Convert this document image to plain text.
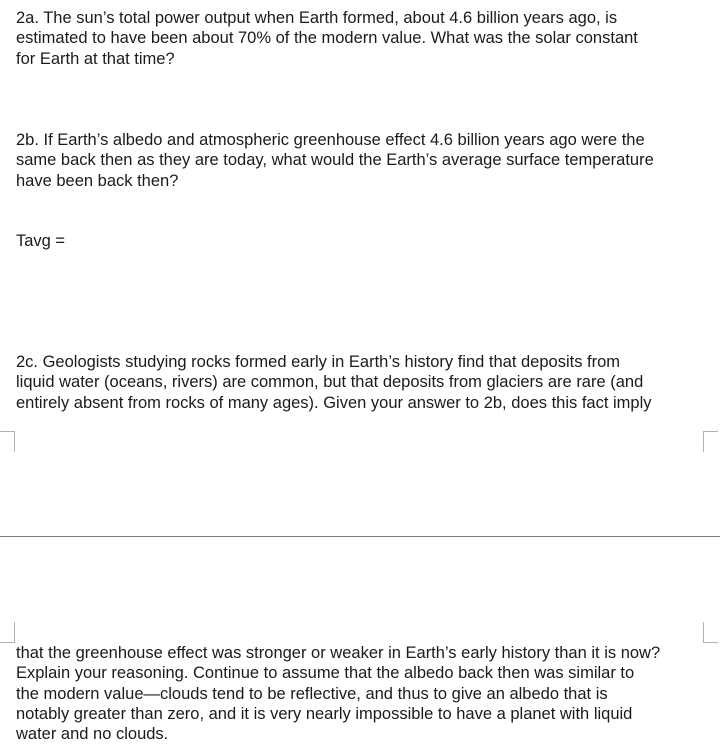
2a. The sun’s total power output when Earth formed, about 4.6 billion years ago, is
estimated to have been about 70% of the modern value. What was the solar constant
for Earth at that time?
2b. If Earth’s albedo and atmospheric greenhouse effect 4.6 billion years ago were the
same back then as they are today, what would the Earth’s average surface temperature
have been back then?
Tavg =
2c. Geologists studying rocks formed early in Earth’s history find that deposits from
liquid water (oceans, rivers) are common, but that deposits from glaciers are rare (and
entirely absent from rocks of many ages). Given your answer to 2b, does this fact imply
that the greenhouse effect was stronger or weaker in Earth’s early history than it is now?
Explain your reasoning. Continue to assume that the albedo back then was similar to
the modern value—clouds tend to be reflective, and thus to give an albedo that is
notably greater than zero, and it is very nearly impossible to have a planet with liquid
water and no clouds.
